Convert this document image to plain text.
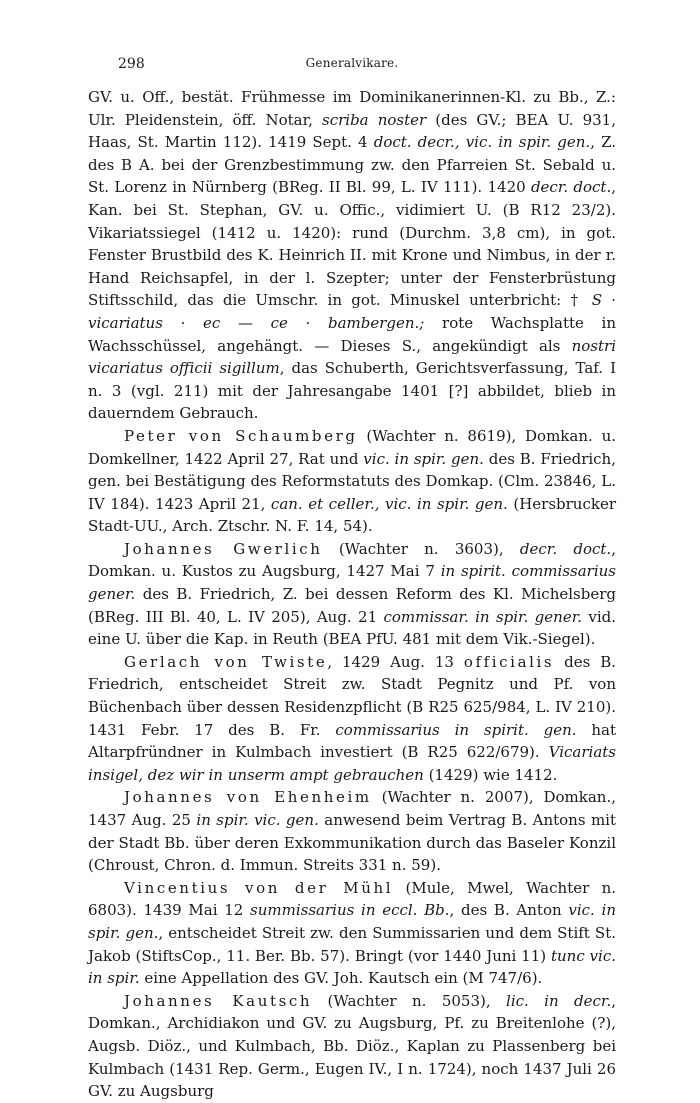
298	Generalvikare.

GV. u. Off., bestät. Frühmesse im Dominikanerinnen-Kl. zu Bb., Z.: Ulr. Pleidenstein, öff. Notar, scriba noster (des GV.; BEA U. 931, Haas, St. Martin 112). 1419 Sept. 4 doct. decr., vic. in spir. gen., Z. des B A. bei der Grenzbestimmung zw. den Pfarreien St. Sebald u. St. Lorenz in Nürnberg (BReg. II Bl. 99, L. IV 111). 1420 decr. doct., Kan. bei St. Stephan, GV. u. Offic., vidimiert U. (B R12 23/2). Vikariatssiegel (1412 u. 1420): rund (Durchm. 3,8 cm), in got. Fenster Brustbild des K. Heinrich II. mit Krone und Nimbus, in der r. Hand Reichsapfel, in der l. Szepter; unter der Fensterbrüstung Stiftsschild, das die Umschr. in got. Minuskel unterbricht: † S · vicariatus · ec — ce · bambergen.; rote Wachsplatte in Wachsschüssel, angehängt. — Dieses S., angekündigt als nostri vicariatus officii sigillum, das Schuberth, Gerichtsverfassung, Taf. I n. 3 (vgl. 211) mit der Jahresangabe 1401 [?] abbildet, blieb in dauerndem Gebrauch.

Peter von Schaumberg (Wachter n. 8619), Domkan. u. Domkellner, 1422 April 27, Rat und vic. in spir. gen. des B. Friedrich, gen. bei Bestätigung des Reformstatuts des Domkap. (Clm. 23846, L. IV 184). 1423 April 21, can. et celler., vic. in spir. gen. (Hersbrucker Stadt-UU., Arch. Ztschr. N. F. 14, 54).

Johannes Gwerlich (Wachter n. 3603), decr. doct., Domkan. u. Kustos zu Augsburg, 1427 Mai 7 in spirit. commissarius gener. des B. Friedrich, Z. bei dessen Reform des Kl. Michelsberg (BReg. III Bl. 40, L. IV 205), Aug. 21 commissar. in spir. gener. vid. eine U. über die Kap. in Reuth (BEA PfU. 481 mit dem Vik.-Siegel).

Gerlach von Twiste, 1429 Aug. 13 officialis des B. Friedrich, entscheidet Streit zw. Stadt Pegnitz und Pf. von Büchenbach über dessen Residenzpflicht (B R25 625/984, L. IV 210). 1431 Febr. 17 des B. Fr. commissarius in spirit. gen. hat Altarpfründner in Kulmbach investiert (B R25 622/679). Vicariats insigel, dez wir in unserm ampt gebrauchen (1429) wie 1412.

Johannes von Ehenheim (Wachter n. 2007), Domkan., 1437 Aug. 25 in spir. vic. gen. anwesend beim Vertrag B. Antons mit der Stadt Bb. über deren Exkommunikation durch das Baseler Konzil (Chroust, Chron. d. Immun. Streits 331 n. 59).

Vincentius von der Mühl (Mule, Mwel, Wachter n. 6803). 1439 Mai 12 summissarius in eccl. Bb., des B. Anton vic. in spir. gen., entscheidet Streit zw. den Summissarien und dem Stift St. Jakob (StiftsCop., 11. Ber. Bb. 57). Bringt (vor 1440 Juni 11) tunc vic. in spir. eine Appellation des GV. Joh. Kautsch ein (M 747/6).

Johannes Kautsch (Wachter n. 5053), lic. in decr., Domkan., Archidiakon und GV. zu Augsburg, Pf. zu Breitenlohe (?), Augsb. Diöz., und Kulmbach, Bb. Diöz., Kaplan zu Plassenberg bei Kulmbach (1431 Rep. Germ., Eugen IV., I n. 1724), noch 1437 Juli 26 GV. zu Augsburg
